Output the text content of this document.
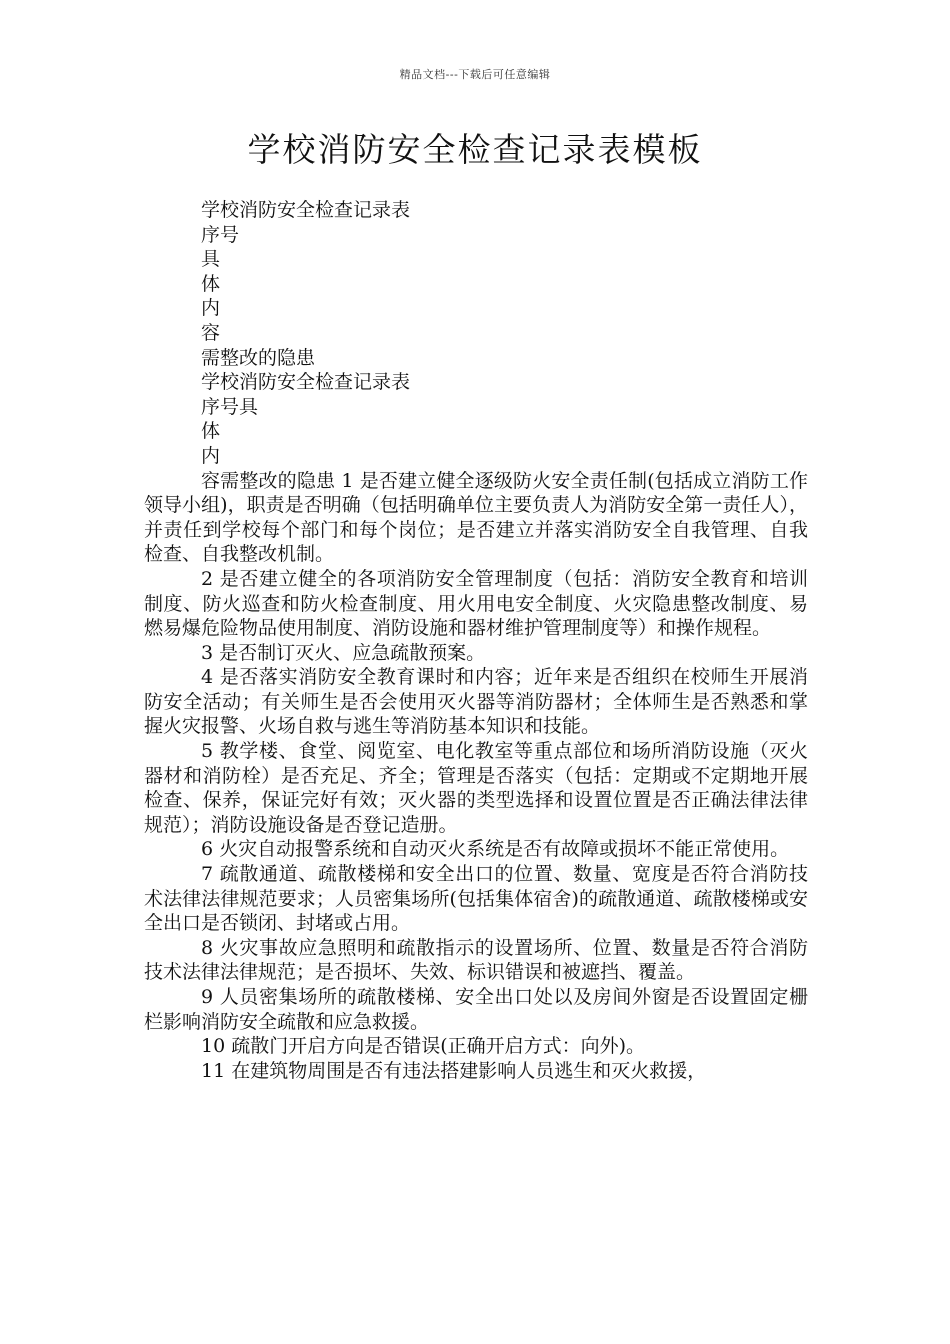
精品文档---下载后可任意编辑
学校消防安全检查记录表模板

学校消防安全检查记录表

序号

具

体

内

容

需整改的隐患

学校消防安全检查记录表

序号具

体

内

容需整改的隐患 1 是否建立健全逐级防火安全责任制(包括成立消防工作领导小组)，职责是否明确（包括明确单位主要负责人为消防安全第一责任人），并责任到学校每个部门和每个岗位；是否建立并落实消防安全自我管理、自我检查、自我整改机制。

2 是否建立健全的各项消防安全管理制度（包括：消防安全教育和培训制度、防火巡查和防火检查制度、用火用电安全制度、火灾隐患整改制度、易燃易爆危险物品使用制度、消防设施和器材维护管理制度等）和操作规程。

3 是否制订灭火、应急疏散预案。

4 是否落实消防安全教育课时和内容；近年来是否组织在校师生开展消防安全活动；有关师生是否会使用灭火器等消防器材；全体师生是否熟悉和掌握火灾报警、火场自救与逃生等消防基本知识和技能。

5 教学楼、食堂、阅览室、电化教室等重点部位和场所消防设施（灭火器材和消防栓）是否充足、齐全；管理是否落实（包括：定期或不定期地开展检查、保养，保证完好有效；灭火器的类型选择和设置位置是否正确法律法律规范）；消防设施设备是否登记造册。

6 火灾自动报警系统和自动灭火系统是否有故障或损坏不能正常使用。

7 疏散通道、疏散楼梯和安全出口的位置、数量、宽度是否符合消防技术法律法律规范要求；人员密集场所(包括集体宿舍)的疏散通道、疏散楼梯或安全出口是否锁闭、封堵或占用。

8 火灾事故应急照明和疏散指示的设置场所、位置、数量是否符合消防技术法律法律规范；是否损坏、失效、标识错误和被遮挡、覆盖。

9 人员密集场所的疏散楼梯、安全出口处以及房间外窗是否设置固定栅栏影响消防安全疏散和应急救援。

10 疏散门开启方向是否错误(正确开启方式：向外)。

11 在建筑物周围是否有违法搭建影响人员逃生和灭火救援，
